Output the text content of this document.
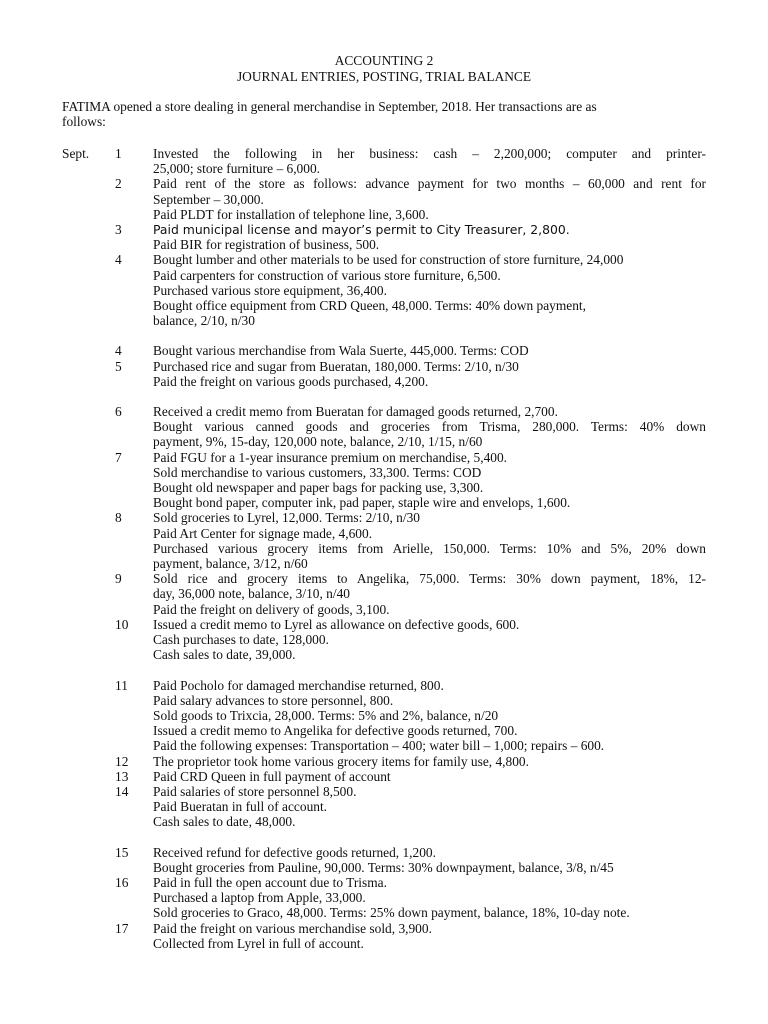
ACCOUNTING 2
JOURNAL ENTRIES, POSTING, TRIAL BALANCE
FATIMA opened a store dealing in general merchandise in September, 2018. Her transactions are as
follows:
Sept. 1 Invested the following in her business: cash – 2,200,000; computer and printer-
25,000; store furniture – 6,000.
2 Paid rent of the store as follows: advance payment for two months – 60,000 and rent for
September – 30,000.
Paid PLDT for installation of telephone line, 3,600.
3	Paid municipal license and mayor’s permit to City Treasurer, 2,800.
Paid BIR for registration of business, 500.
4 Bought lumber and other materials to be used for construction of store furniture, 24,000
Paid carpenters for construction of various store furniture, 6,500.
Purchased various store equipment, 36,400.
Bought office equipment from CRD Queen, 48,000. Terms: 40% down payment,
balance, 2/10, n/30
4 Bought various merchandise from Wala Suerte, 445,000. Terms: COD
5 Purchased rice and sugar from Bueratan, 180,000. Terms: 2/10, n/30
Paid the freight on various goods purchased, 4,200.
6 Received a credit memo from Bueratan for damaged goods returned, 2,700.
Bought various canned goods and groceries from Trisma, 280,000. Terms: 40% down
payment, 9%, 15-day, 120,000 note, balance, 2/10, 1/15, n/60
7 Paid FGU for a 1-year insurance premium on merchandise, 5,400.
Sold merchandise to various customers, 33,300. Terms: COD
Bought old newspaper and paper bags for packing use, 3,300.
Bought bond paper, computer ink, pad paper, staple wire and envelops, 1,600.
8 Sold groceries to Lyrel, 12,000. Terms: 2/10, n/30
Paid Art Center for signage made, 4,600.
Purchased various grocery items from Arielle, 150,000. Terms: 10% and 5%, 20% down
payment, balance, 3/12, n/60
9 Sold rice and grocery items to Angelika, 75,000. Terms: 30% down payment, 18%, 12-
day, 36,000 note, balance, 3/10, n/40
Paid the freight on delivery of goods, 3,100.
10 Issued a credit memo to Lyrel as allowance on defective goods, 600.
Cash purchases to date, 128,000.
Cash sales to date, 39,000.
11 Paid Pocholo for damaged merchandise returned, 800.
Paid salary advances to store personnel, 800.
Sold goods to Trixcia, 28,000. Terms: 5% and 2%, balance, n/20
Issued a credit memo to Angelika for defective goods returned, 700.
Paid the following expenses: Transportation – 400; water bill – 1,000; repairs – 600.
12 The proprietor took home various grocery items for family use, 4,800.
13 Paid CRD Queen in full payment of account
14 Paid salaries of store personnel 8,500.
Paid Bueratan in full of account.
Cash sales to date, 48,000.
15 Received refund for defective goods returned, 1,200.
Bought groceries from Pauline, 90,000. Terms: 30% downpayment, balance, 3/8, n/45
16 Paid in full the open account due to Trisma.
Purchased a laptop from Apple, 33,000.
Sold groceries to Graco, 48,000. Terms: 25% down payment, balance, 18%, 10-day note.
17 Paid the freight on various merchandise sold, 3,900.
Collected from Lyrel in full of account.
